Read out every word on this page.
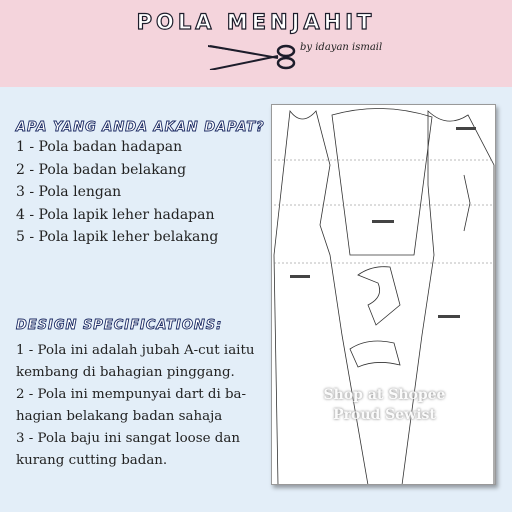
POLA MENJAHIT
by idayan ismail
APA YANG ANDA AKAN DAPAT?
1 - Pola badan hadapan
2 - Pola badan belakang
3 - Pola lengan
4 - Pola lapik leher hadapan
5 - Pola lapik leher belakang
DESIGN SPECIFICATIONS:

1 - Pola ini adalah jubah A-cut iaitu

kembang di bahagian pinggang.

2 - Pola ini mempunyai dart di ba-

hagian belakang badan sahaja

3 - Pola baju ini sangat loose dan

kurang cutting badan.

Shop at Shopee
Proud Sewist
